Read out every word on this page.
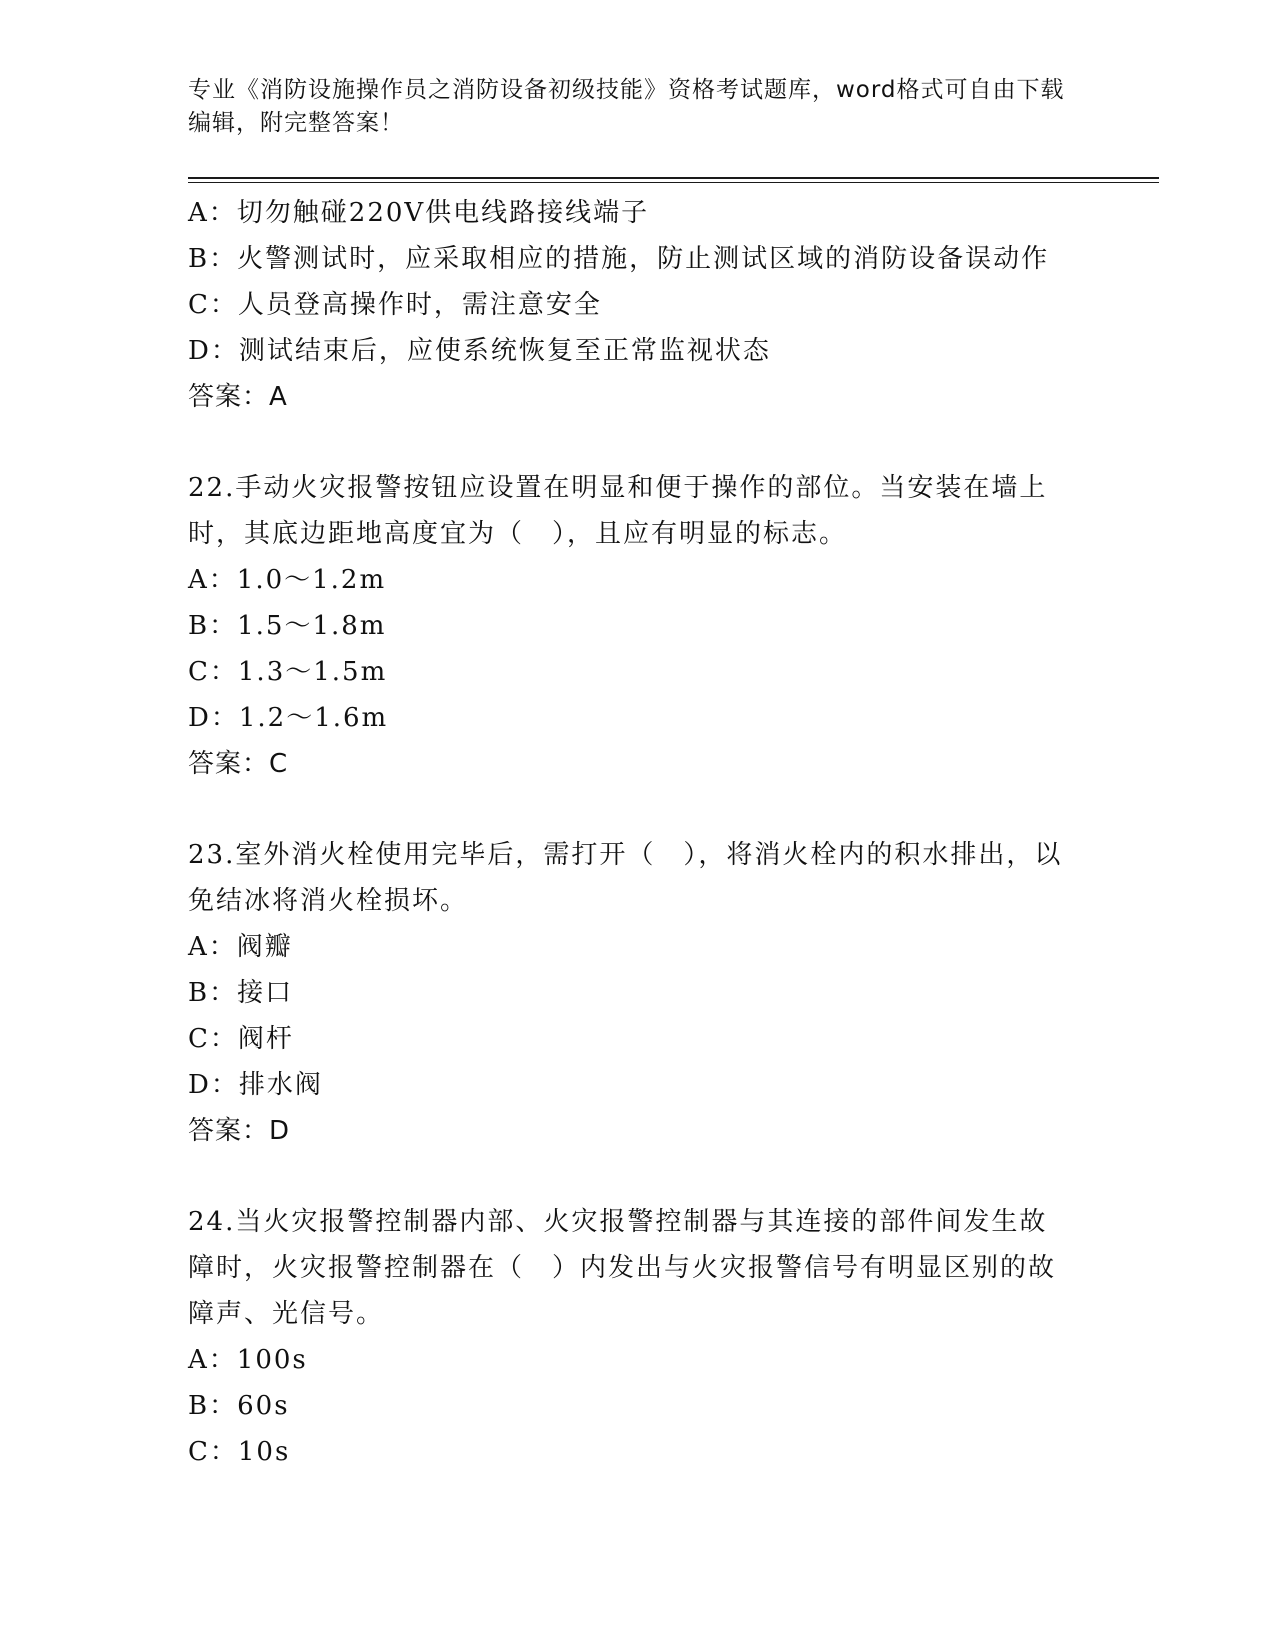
专业《消防设施操作员之消防设备初级技能》资格考试题库，word格式可自由下载编辑，附完整答案！
A：切勿触碰220V供电线路接线端子
B：火警测试时，应采取相应的措施，防止测试区域的消防设备误动作
C：人员登高操作时，需注意安全
D：测试结束后，应使系统恢复至正常监视状态
答案：A
22.手动火灾报警按钮应设置在明显和便于操作的部位。当安装在墙上时，其底边距地高度宜为（　），且应有明显的标志。
A：1.0～1.2m
B：1.5～1.8m
C：1.3～1.5m
D：1.2～1.6m
答案：C
23.室外消火栓使用完毕后，需打开（　），将消火栓内的积水排出，以免结冰将消火栓损坏。
A：阀瓣
B：接口
C：阀杆
D：排水阀
答案：D
24.当火灾报警控制器内部、火灾报警控制器与其连接的部件间发生故障时，火灾报警控制器在（　）内发出与火灾报警信号有明显区别的故障声、光信号。
A：100s
B：60s
C：10s
